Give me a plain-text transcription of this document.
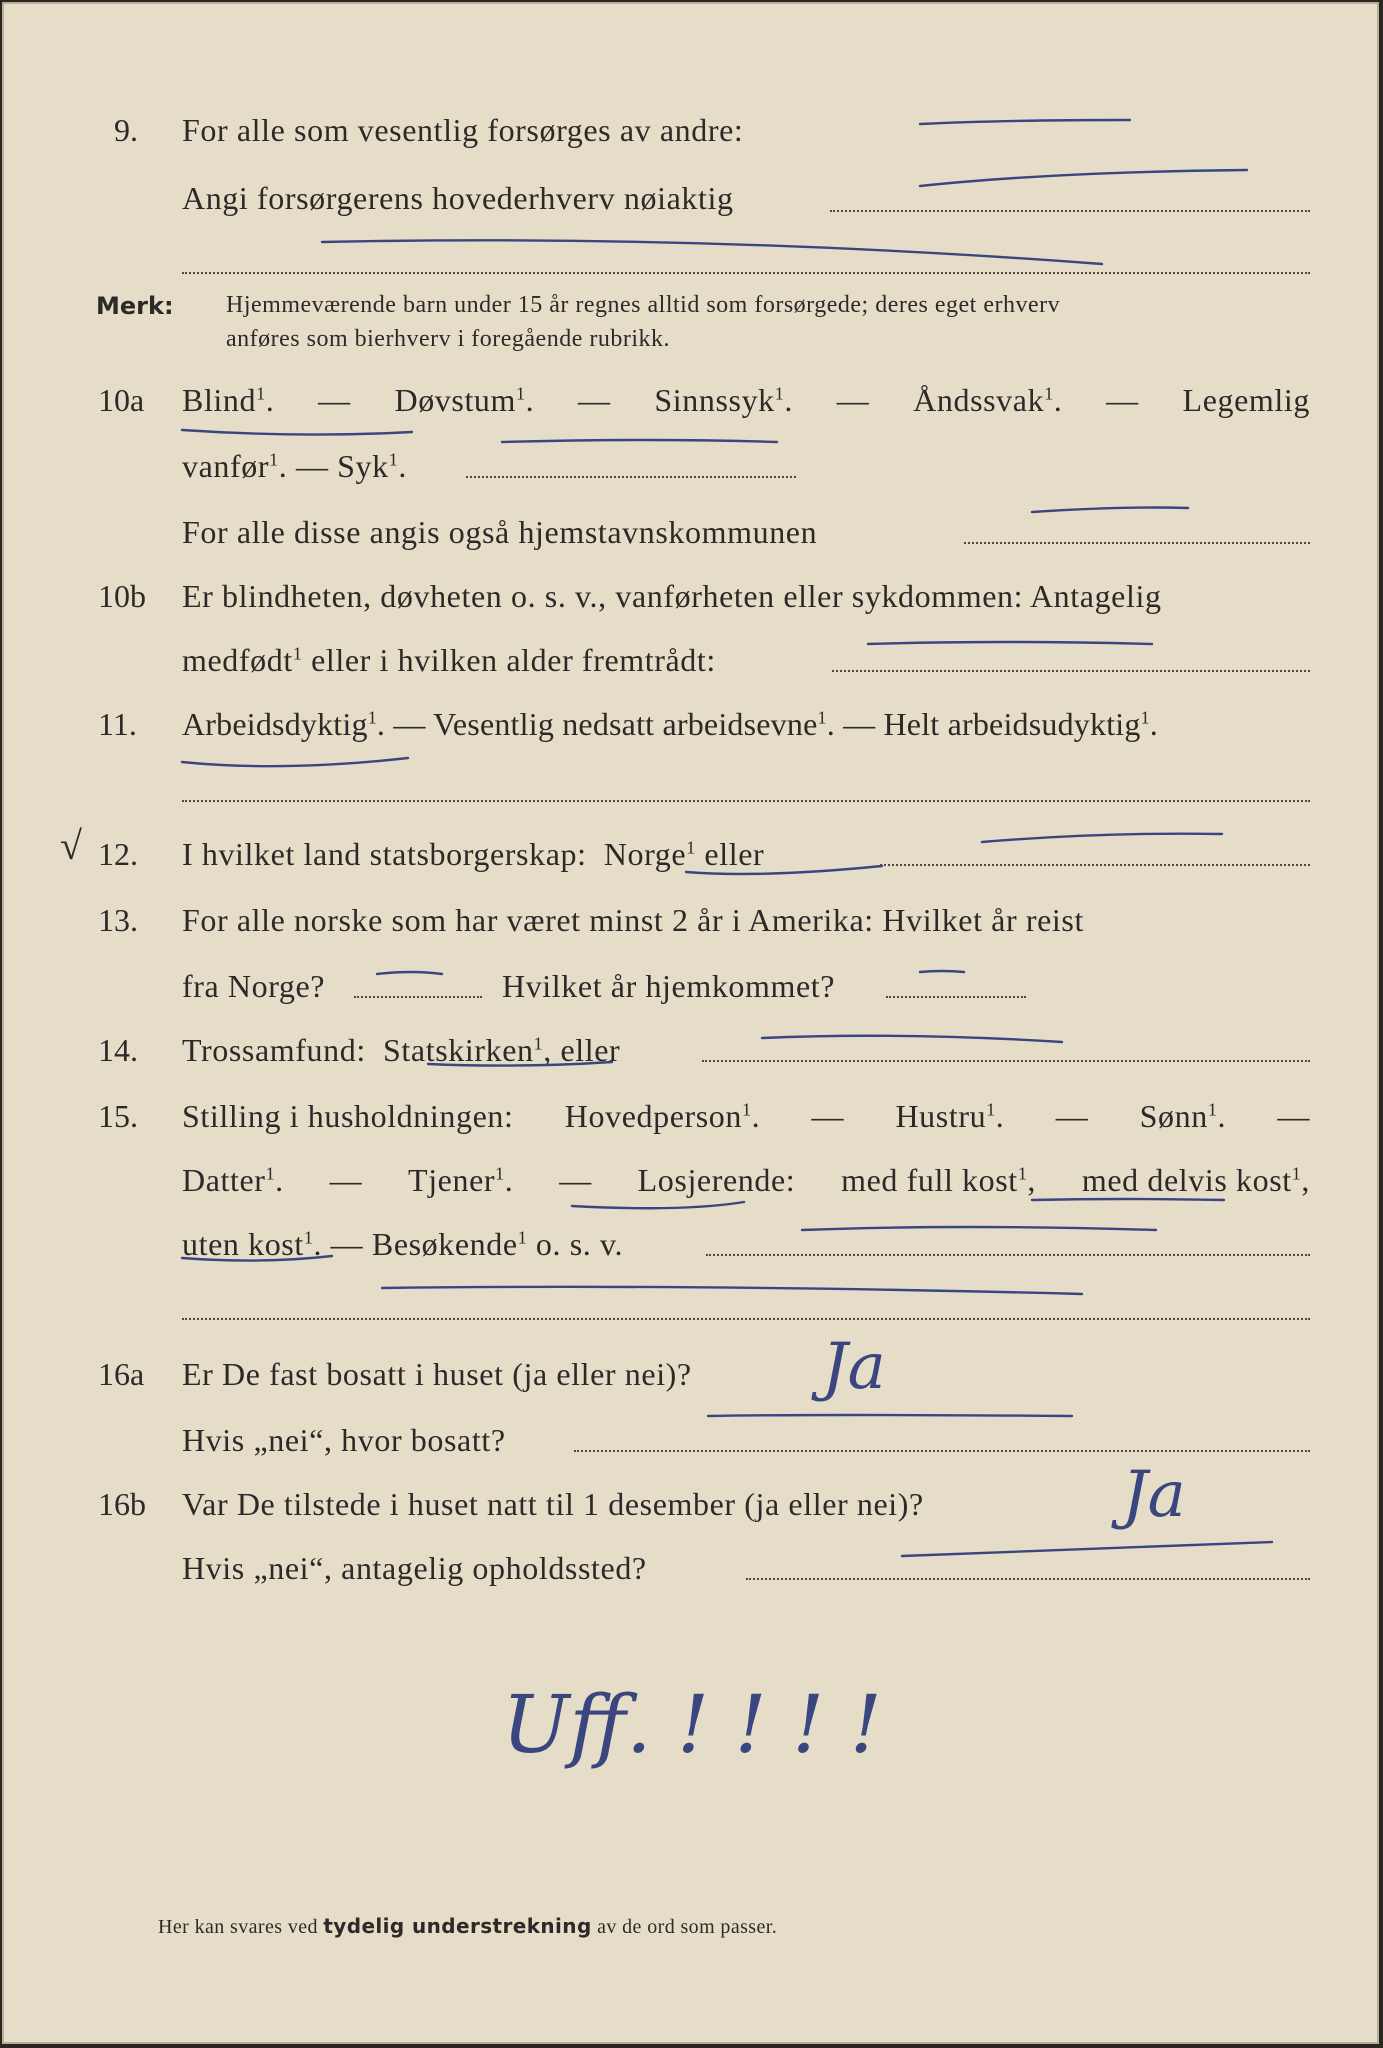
9. For alle som vesentlig forsørges av andre:
Angi forsørgerens hovederhverv nøiaktig
Merk: Hjemmeværende barn under 15 år regnes alltid som forsørgede; deres eget erhverv
anføres som bierhverv i foregående rubrikk.
10a Blind$^1$. — Døvstum$^1$. — Sinnssyk$^1$. — Åndssvak$^1$. — Legemlig
vanfør$^1$. — Syk$^1$.
For alle disse angis også hjemstavnskommunen
10b Er blindheten, døvheten o. s. v., vanførheten eller sykdommen: Antagelig
medfødt$^1$ eller i hvilken alder fremtrådt:
11. Arbeidsdyktig$^1$. — Vesentlig nedsatt arbeidsevne$^1$. — Helt arbeidsudyktig$^1$.
√ 12. I hvilket land statsborgerskap: Norge$^1$ eller
13. For alle norske som har været minst 2 år i Amerika: Hvilket år reist
fra Norge?	Hvilket år hjemkommet?
14. Trossamfund: Statskirken$^1$, eller
15. Stilling i husholdningen: Hovedperson$^1$. — Hustru$^1$. — Sønn$^1$. —
Datter$^1$. — Tjener$^1$. — Losjerende: med full kost$^1$, med delvis kost$^1$,
uten kost$^1$. — Besøkende$^1$ o. s. v.
16a Er De fast bosatt i huset (ja eller nei)?
Hvis „nei“, hvor bosatt?
16b Var De tilstede i huset natt til 1 desember (ja eller nei)?
Hvis „nei“, antagelig opholdssted?
Her kan svares ved tydelig understrekning av de ord som passer.
Ja
Ja
Uff. ! ! ! !
